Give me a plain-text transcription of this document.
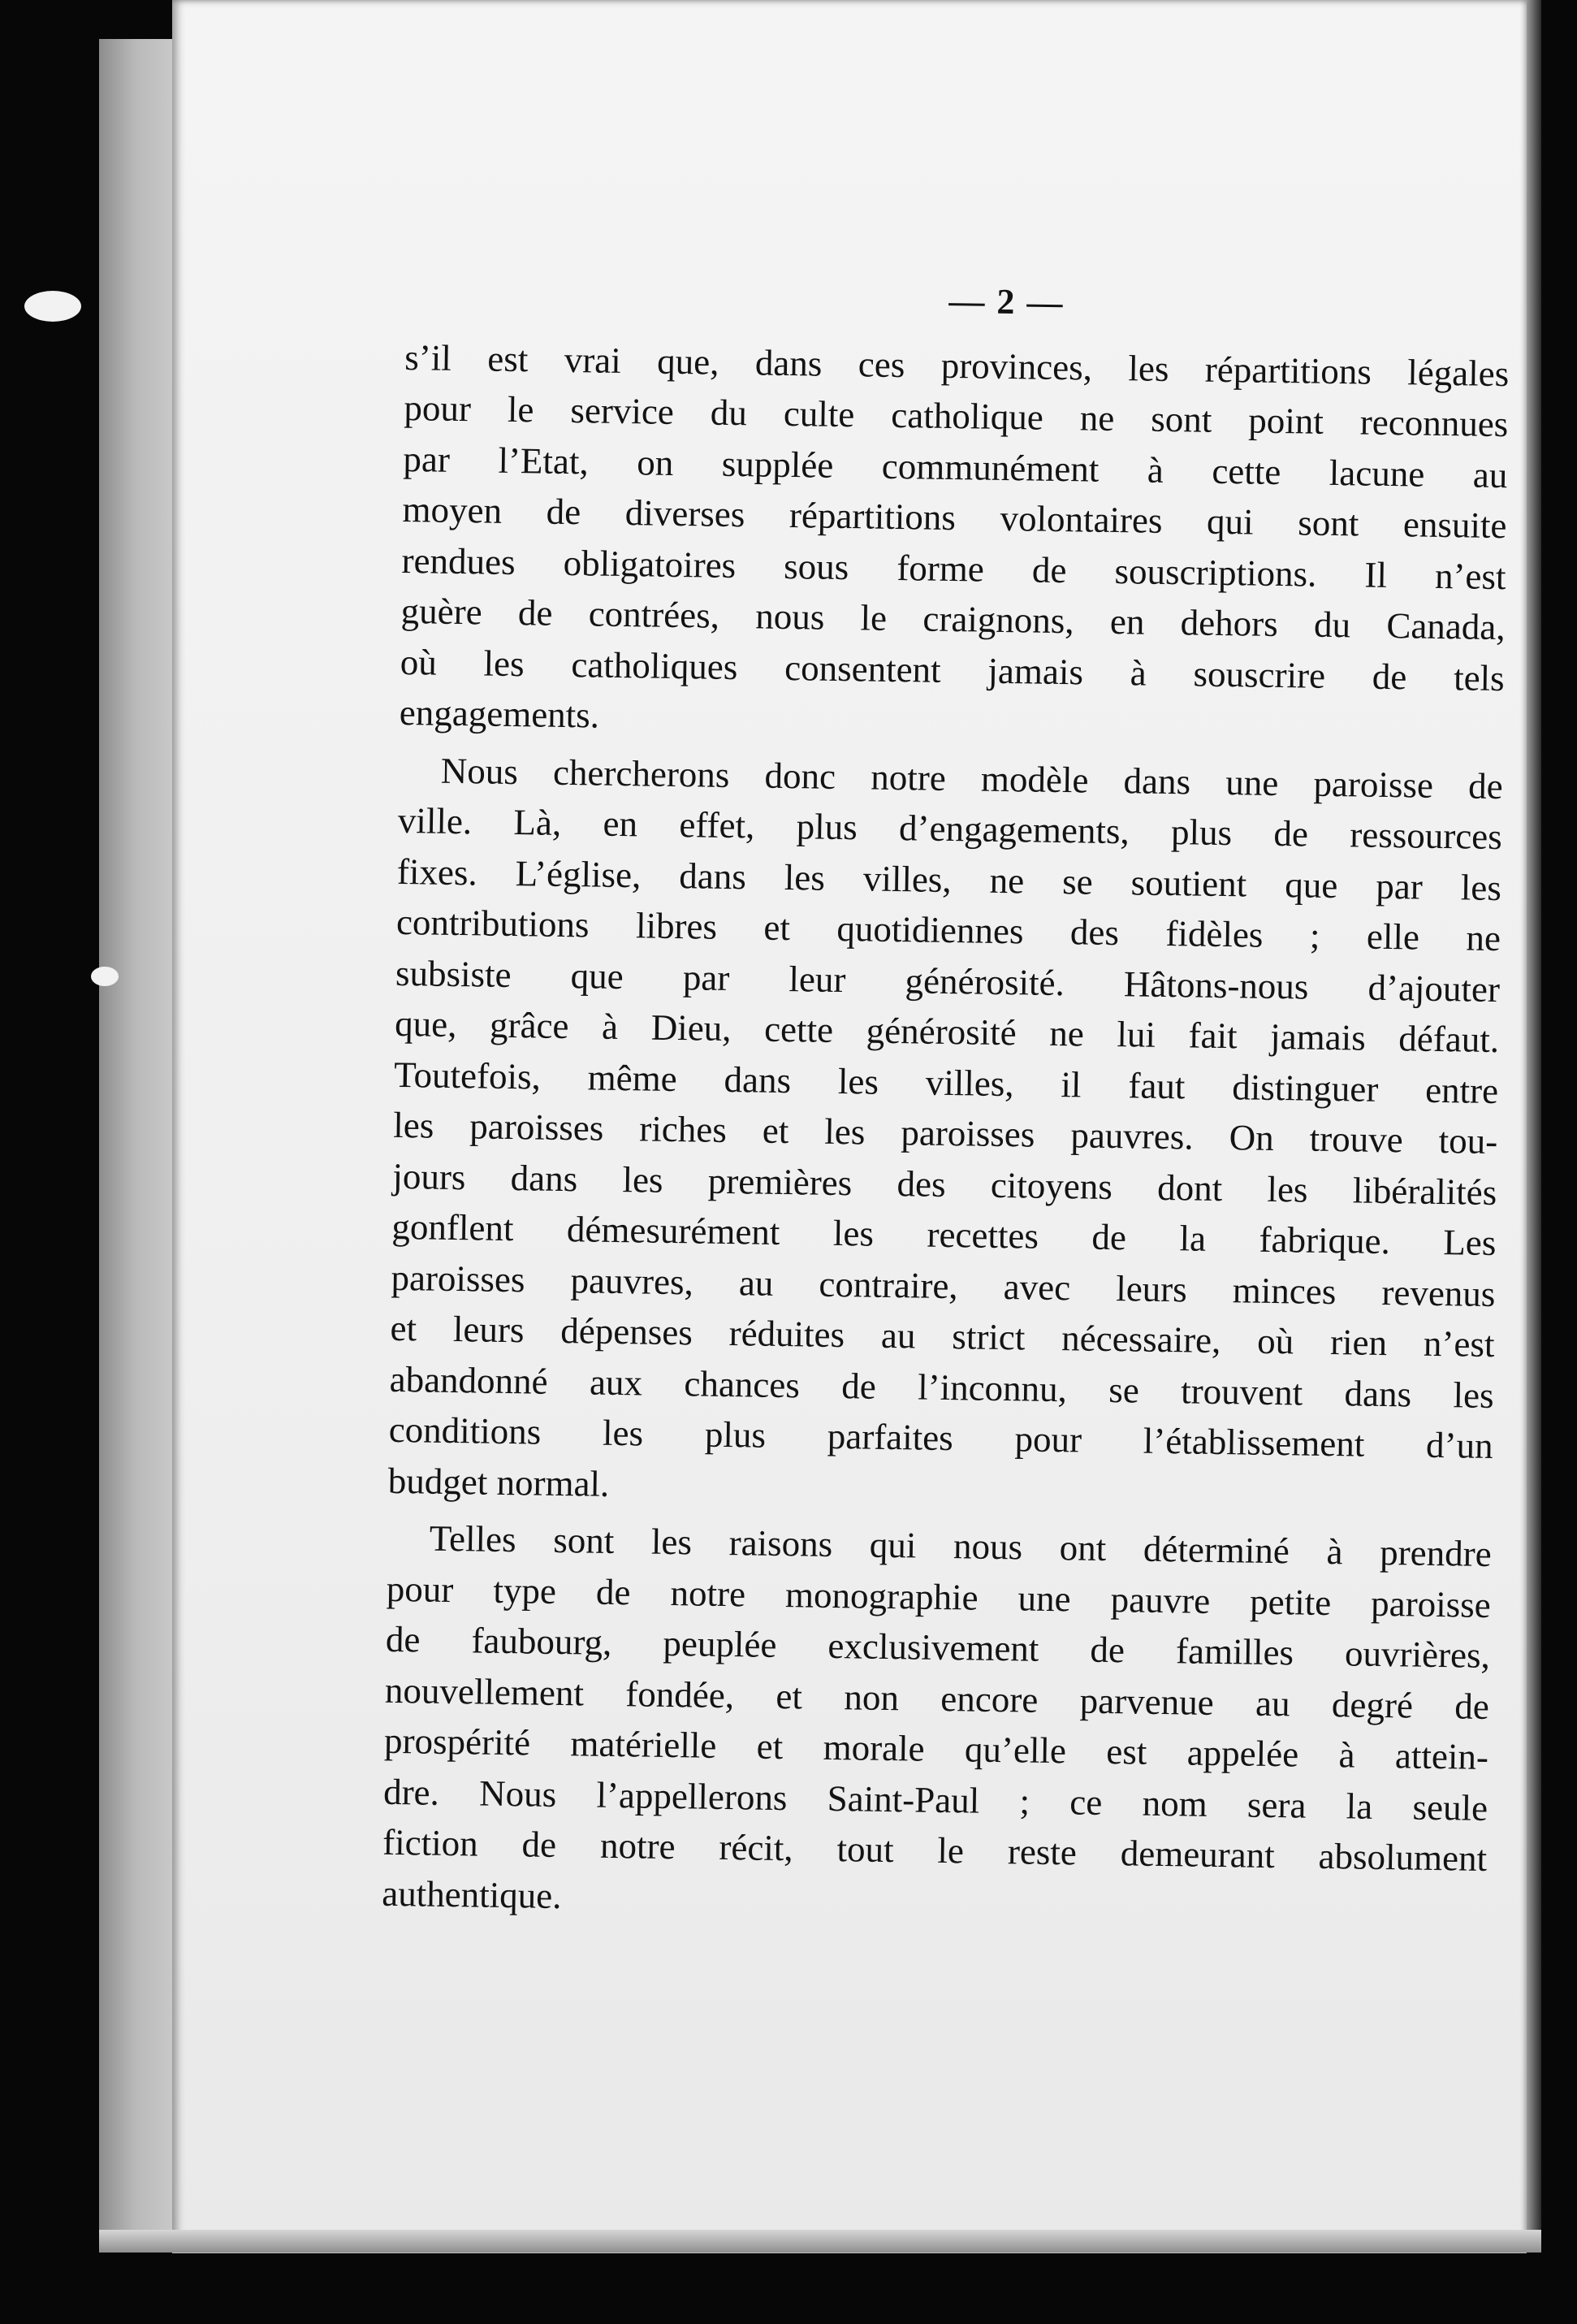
— 2 —
s’il est vrai que, dans ces provinces, les répartitions légales
pour le service du culte catholique ne sont point reconnues
par l’Etat, on supplée communément à cette lacune au
moyen de diverses répartitions volontaires qui sont ensuite
rendues obligatoires sous forme de souscriptions. Il n’est
guère de contrées, nous le craignons, en dehors du Canada,
où les catholiques consentent jamais à souscrire de tels
engagements.
Nous chercherons donc notre modèle dans une paroisse de
ville. Là, en effet, plus d’engagements, plus de ressources
fixes. L’église, dans les villes, ne se soutient que par les
contributions libres et quotidiennes des fidèles ; elle ne
subsiste que par leur générosité. Hâtons-nous d’ajouter
que, grâce à Dieu, cette générosité ne lui fait jamais défaut.
Toutefois, même dans les villes, il faut distinguer entre
les paroisses riches et les paroisses pauvres. On trouve tou-
jours dans les premières des citoyens dont les libéralités
gonflent démesurément les recettes de la fabrique. Les
paroisses pauvres, au contraire, avec leurs minces revenus
et leurs dépenses réduites au strict nécessaire, où rien n’est
abandonné aux chances de l’inconnu, se trouvent dans les
conditions les plus parfaites pour l’établissement d’un
budget normal.
Telles sont les raisons qui nous ont déterminé à prendre
pour type de notre monographie une pauvre petite paroisse
de faubourg, peuplée exclusivement de familles ouvrières,
nouvellement fondée, et non encore parvenue au degré de
prospérité matérielle et morale qu’elle est appelée à attein-
dre. Nous l’appellerons Saint-Paul ; ce nom sera la seule
fiction de notre récit, tout le reste demeurant absolument
authentique.
